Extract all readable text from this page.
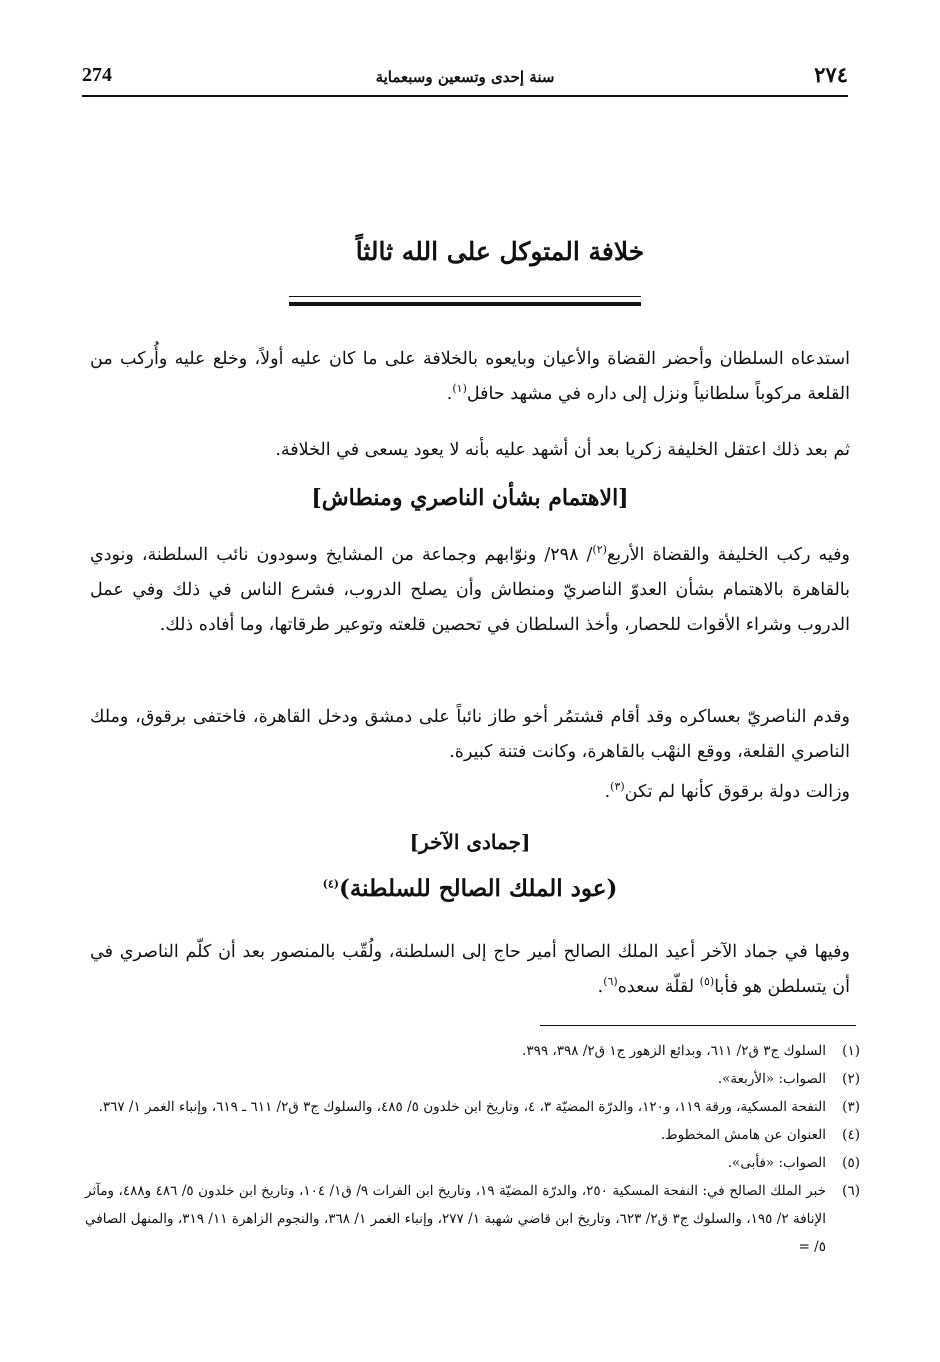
274	سنة إحدى وتسعين وسبعماية	٢٧٤
خلافة المتوكل على الله ثالثاً

استدعاه السلطان وأحضر القضاة والأعيان وبايعوه بالخلافة على ما كان عليه أولاً، وخلع عليه وأُركب من القلعة مركوباً سلطانياً ونزل إلى داره في مشهد حافل$^{(١)}$.

ثم بعد ذلك اعتقل الخليفة زكريا بعد أن أشهد عليه بأنه لا يعود يسعى في الخلافة.

[الاهتمام بشأن الناصري ومنطاش]

وفيه ركب الخليفة والقضاة الأربع$^{(٢)}$/ ٢٩٨/ ونوّابهم وجماعة من المشايخ وسودون نائب السلطنة، ونودي بالقاهرة بالاهتمام بشأن العدوّ الناصريّ ومنطاش وأن يصلح الدروب، فشرع الناس في ذلك وفي عمل الدروب وشراء الأقوات للحصار، وأخذ السلطان في تحصين قلعته وتوعير طرقاتها، وما أفاده ذلك.

وقدم الناصريّ بعساكره وقد أقام قشتمُر أخو طاز نائباً على دمشق ودخل القاهرة، فاختفى برقوق، وملك الناصري القلعة، ووقع النهْب بالقاهرة، وكانت فتنة كبيرة.

وزالت دولة برقوق كأنها لم تكن$^{(٣)}$.

[جمادى الآخر]
(عود الملك الصالح للسلطنة)$^{(٤)}$

وفيها في جماد الآخر أعيد الملك الصالح أمير حاج إلى السلطنة، ولُقّب بالمنصور بعد أن كلّم الناصري في أن يتسلطن هو فأبا$^{(٥)}$ لقلّة سعده$^{(٦)}$.

(١)
السلوك ج٣ ق٢/ ٦١١، وبدائع الزهور ج١ ق٢/ ٣٩٨، ٣٩٩.
(٢)
الصواب: «الأربعة».
(٣)
النفحة المسكية، ورقة ١١٩، و١٢٠، والدرّة المضيّة ٣، ٤، وتاريخ ابن خلدون ٥/ ٤٨٥، والسلوك ج٣ ق٢/ ٦١١ ـ ٦١٩، وإنباء الغمر ١/ ٣٦٧.
(٤)
العنوان عن هامش المخطوط.
(٥)
الصواب: «فأبى».
(٦)
خبر الملك الصالح في: النفحة المسكية ٢٥٠، والدرّة المضيّة ١٩، وتاريخ ابن الفرات ٩/ ق١/ ١٠٤، وتاريخ ابن خلدون ٥/ ٤٨٦ و٤٨٨، ومآثر الإنافة ٢/ ١٩٥، والسلوك ج٣ ق٢/ ٦٢٣، وتاريخ ابن قاضي شهبة ١/ ٢٧٧، وإنباء الغمر ١/ ٣٦٨، والنجوم الزاهرة ١١/ ٣١٩، والمنهل الصافي ٥/ =
